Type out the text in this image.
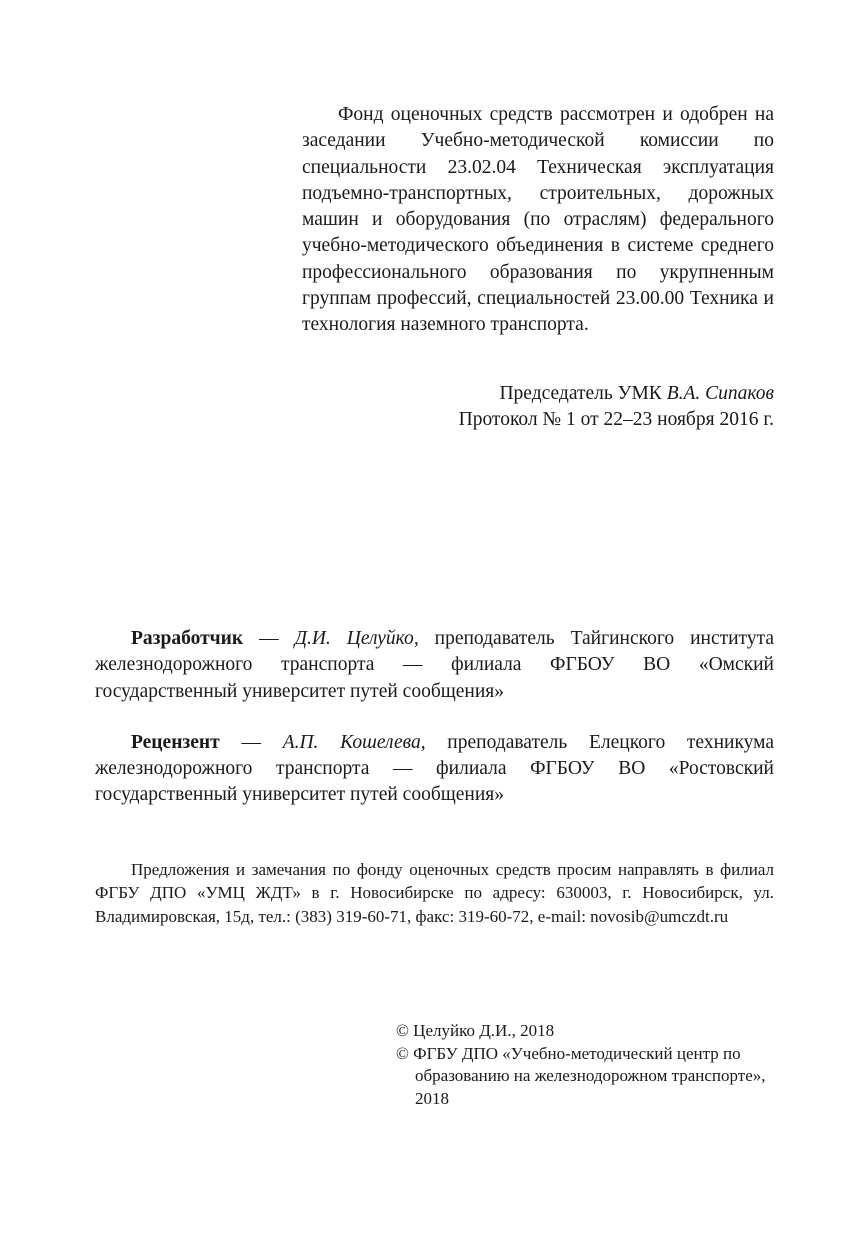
Фонд оценочных средств рассмотрен и одобрен на заседании Учебно-методической комиссии по специальности 23.02.04 Техническая эксплуатация подъемно-транспортных, строительных, дорожных машин и оборудования (по отраслям) федерального учебно-методического объединения в системе среднего профессионального образования по укрупненным группам профессий, специальностей 23.00.00 Техника и технология наземного транспорта.
Председатель УМК В.А. Сипаков
Протокол № 1 от 22–23 ноября 2016 г.

Разработчик — Д.И. Целуйко, преподаватель Тайгинского института железнодорожного транспорта — филиала ФГБОУ ВО «Омский государственный университет путей сообщения»

Рецензент — А.П. Кошелева, преподаватель Елецкого техникума железнодорожного транспорта — филиала ФГБОУ ВО «Ростовский государственный университет путей сообщения»

Предложения и замечания по фонду оценочных средств просим направлять в филиал ФГБУ ДПО «УМЦ ЖДТ» в г. Новосибирске по адресу: 630003, г. Новосибирск, ул. Владимировская, 15д, тел.: (383) 319-60-71, факс: 319-60-72, e-mail: novosib@umczdt.ru
© Целуйко Д.И., 2018
© ФГБУ ДПО «Учебно-методический центр по образованию на железнодорожном транспорте», 2018
